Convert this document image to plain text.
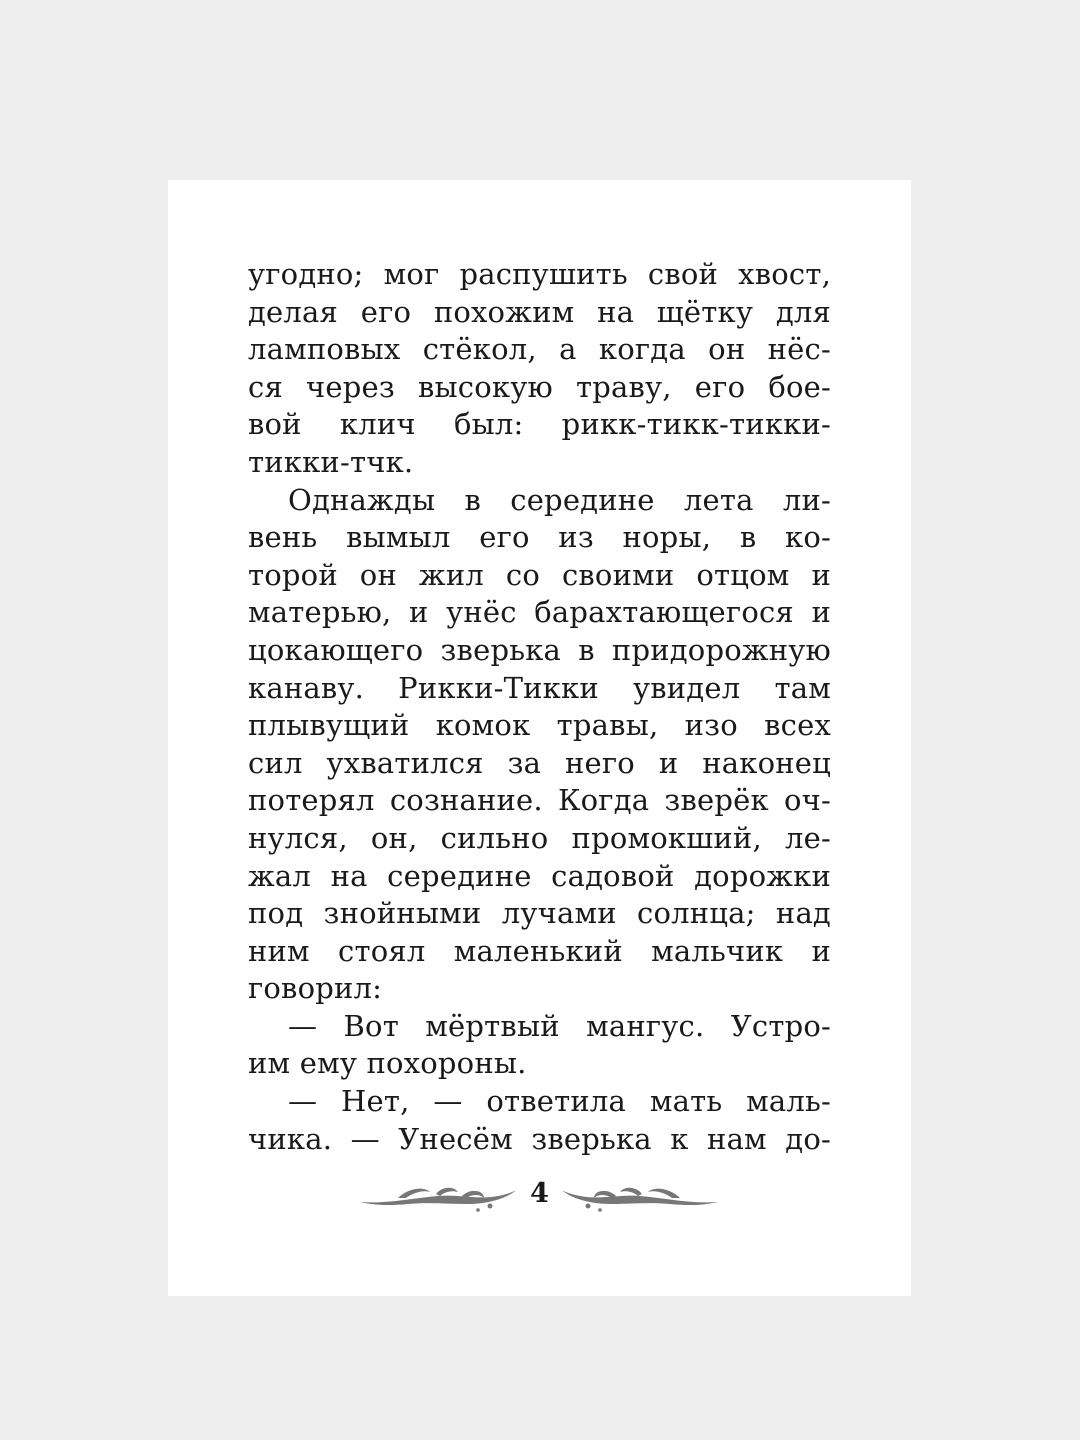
угодно; мог распушить свой хвост,
делая его похожим на щётку для
ламповых стёкол, а когда он нёс-
ся через высокую траву, его бое-
вой клич был: рикк-тикк-тикки-
тикки-тчк.
Однажды в середине лета ли-
вень вымыл его из норы, в ко-
торой он жил со своими отцом и
матерью, и унёс барахтающегося и
цокающего зверька в придорожную
канаву. Рикки-Тикки увидел там
плывущий комок травы, изо всех
сил ухватился за него и наконец
потерял сознание. Когда зверёк оч-
нулся, он, сильно промокший, ле-
жал на середине садовой дорожки
под знойными лучами солнца; над
ним стоял маленький мальчик и
говорил:
— Вот мёртвый мангус. Устро-
им ему похороны.
— Нет, — ответила мать маль-
чика. — Унесём зверька к нам до-
4
